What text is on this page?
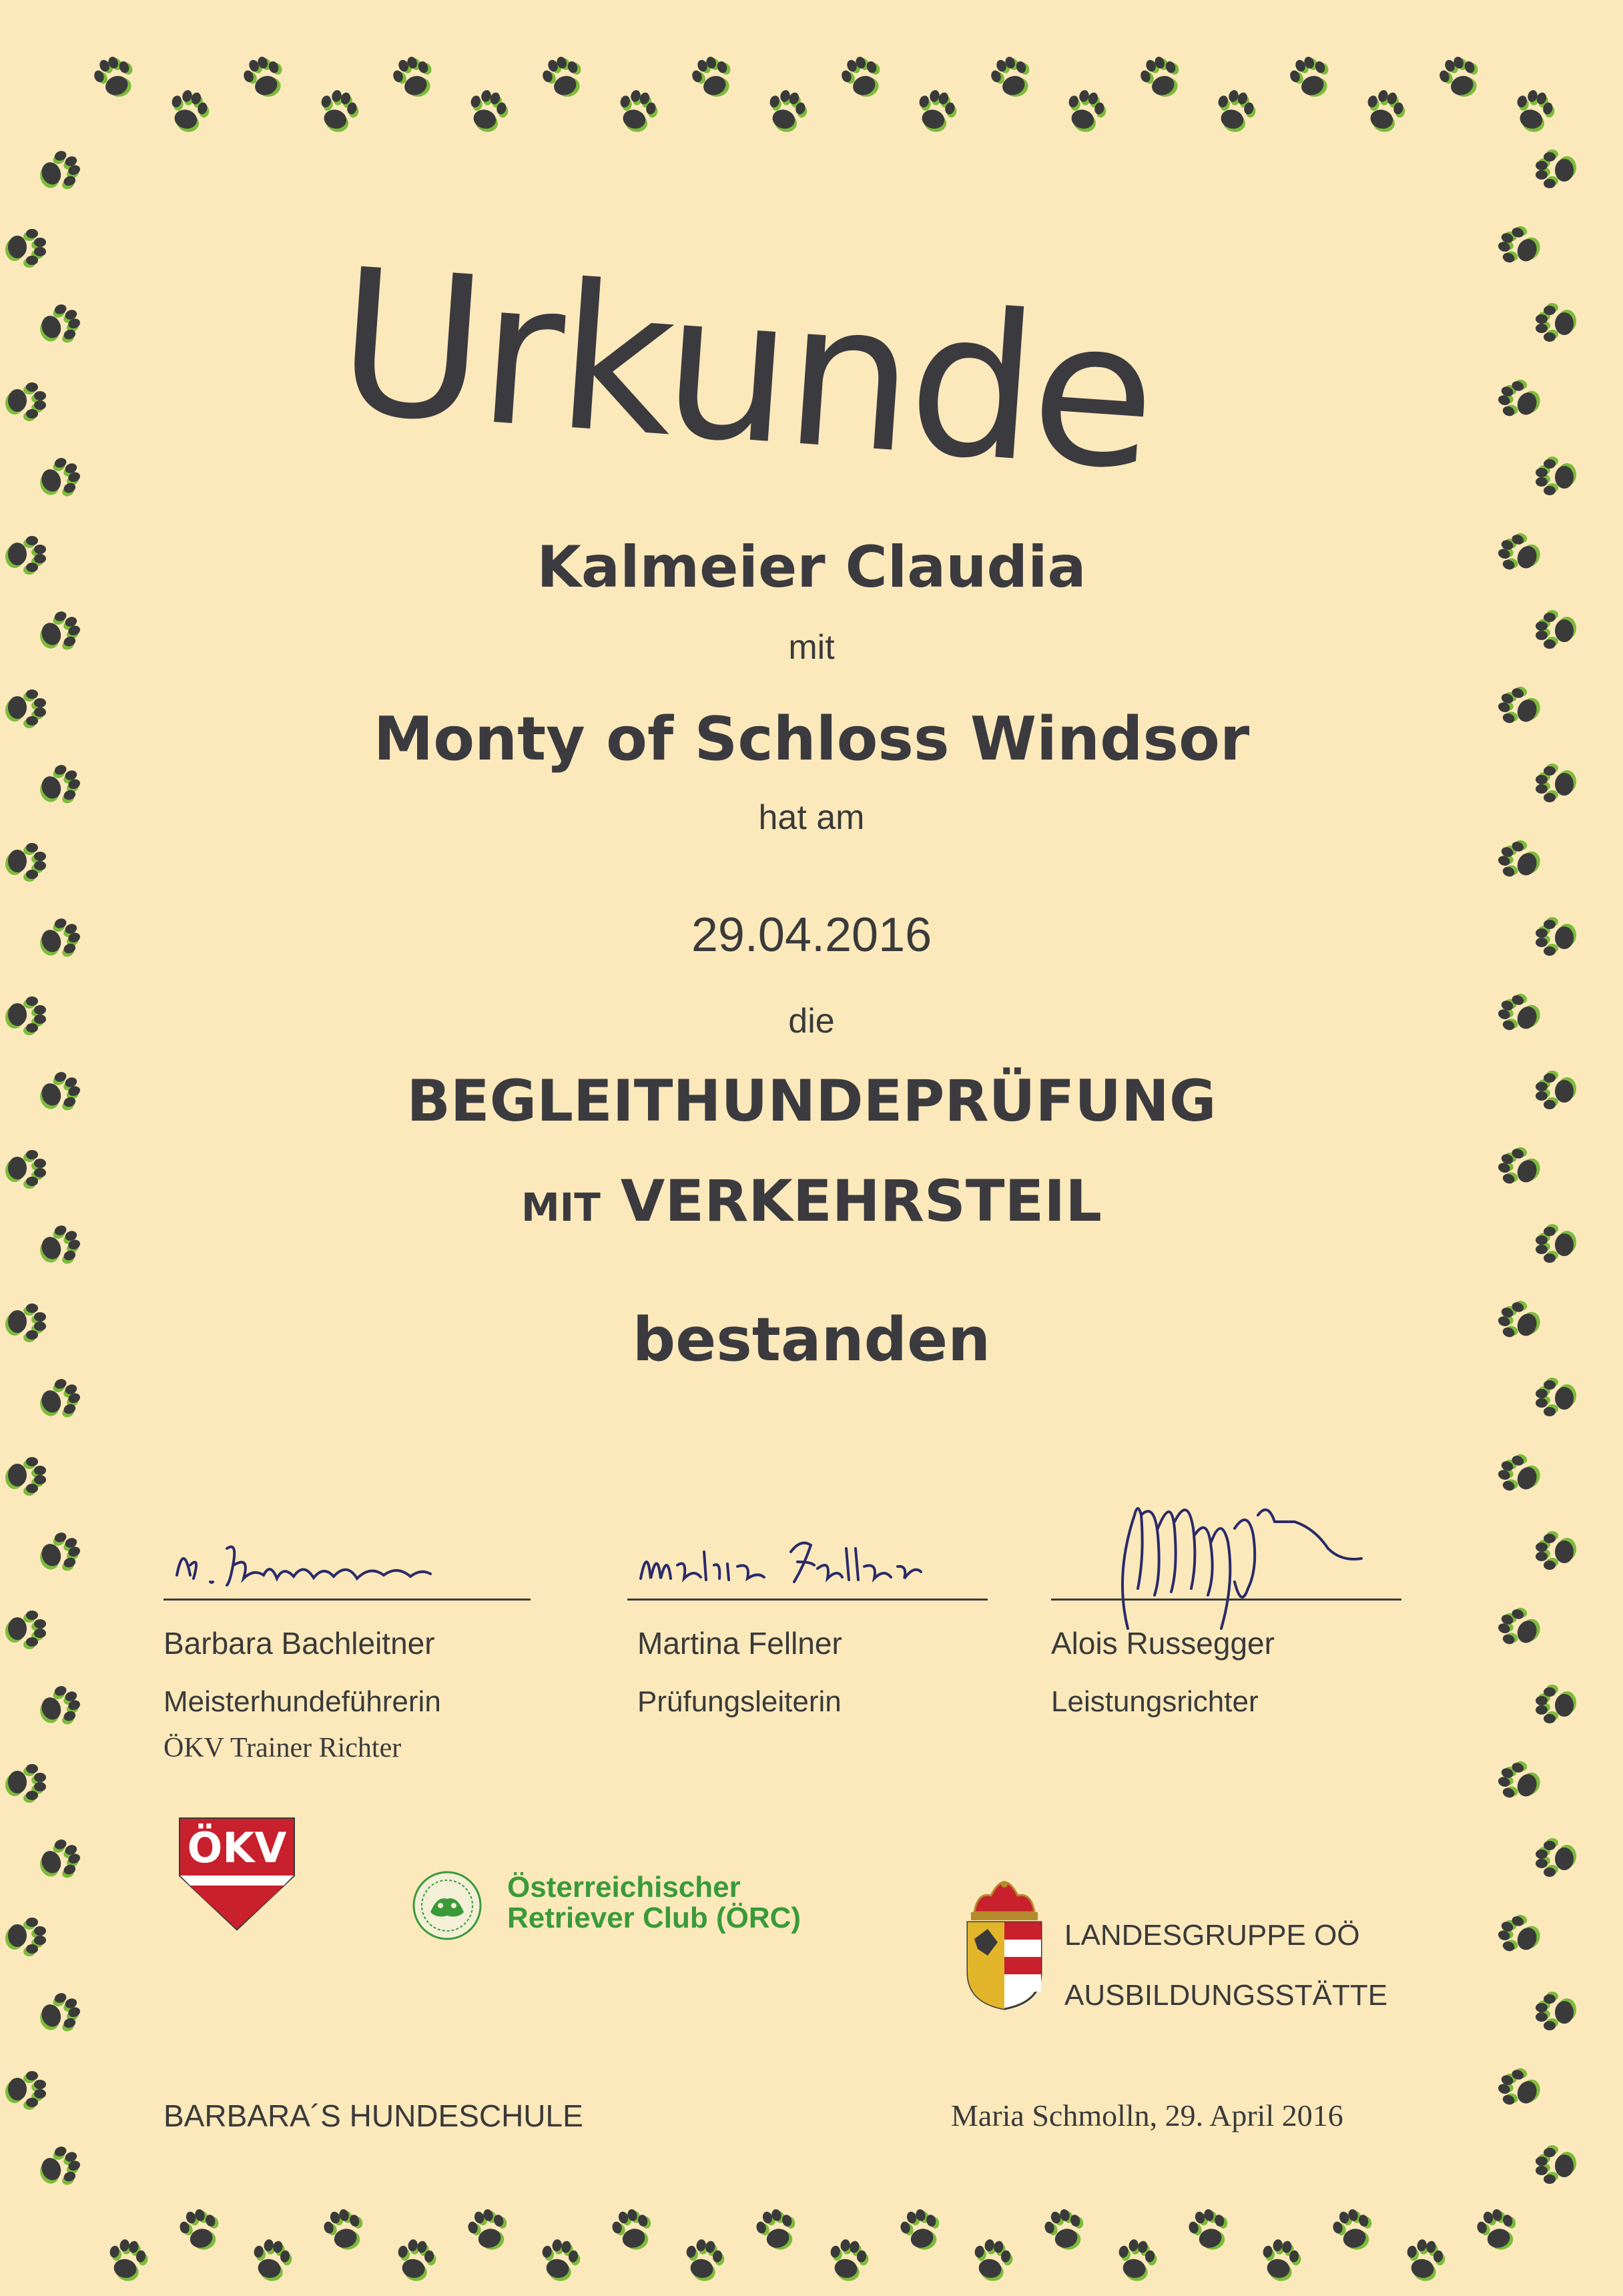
Urkunde
Kalmeier Claudia
mit
Monty of Schloss Windsor
hat am
29.04.2016
die
BEGLEITHUNDEPRÜFUNG
MIT VERKEHRSTEIL
bestanden
Barbara Bachleitner
Meisterhundeführerin
ÖKV Trainer Richter
Martina Fellner
Prüfungsleiterin
Alois Russegger
Leistungsrichter
ÖKV
Österreichischer
Retriever Club (ÖRC)
LANDESGRUPPE OÖ
AUSBILDUNGSSTÄTTE
BARBARA´S HUNDESCHULE	Maria Schmolln, 29. April 2016
